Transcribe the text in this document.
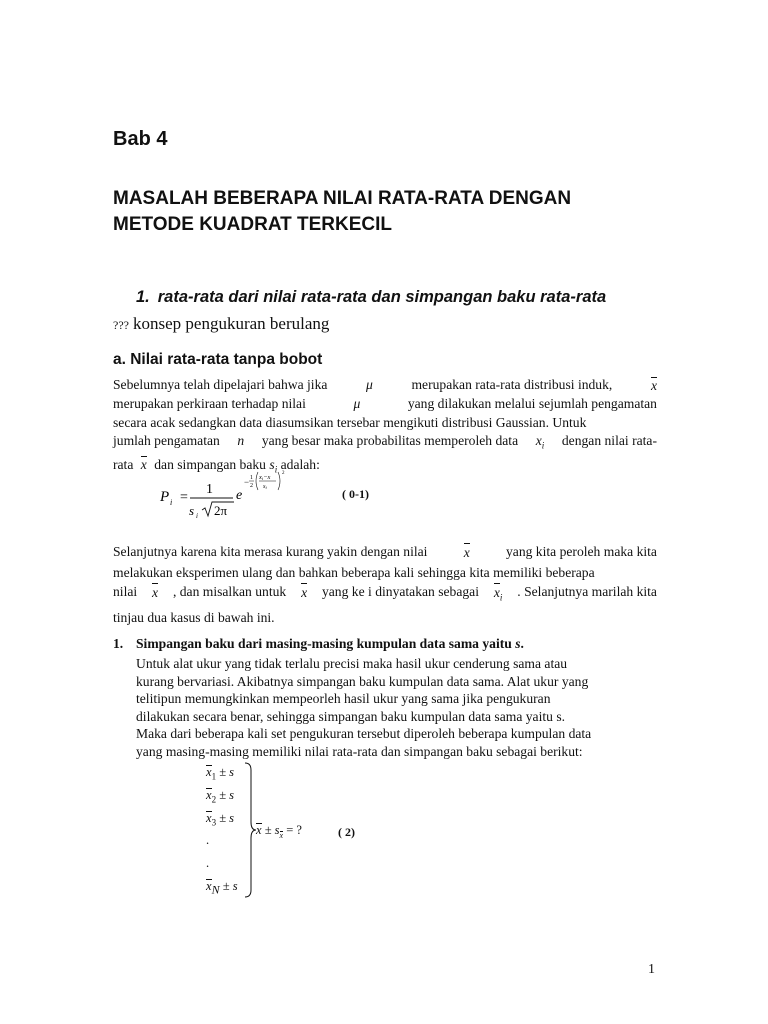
Bab 4
MASALAH BEBERAPA NILAI RATA-RATA DENGAN
METODE KUADRAT TERKECIL
1. rata-rata dari nilai rata-rata dan simpangan baku rata-rata
??? konsep pengukuran berulang
a. Nilai rata-rata tanpa bobot
Sebelumnya telah dipelajari bahwa jika	μ	merupakan rata-rata distribusi induk,	x
merupakan perkiraan terhadap nilai	μ	yang dilakukan melalui sejumlah pengamatan
secara acak sedangkan data diasumsikan tersebar mengikuti distribusi Gaussian. Untuk
jumlah pengamatan n yang besar maka probabilitas memperoleh data $x_i$ dengan nilai rata-
rata x dan simpangan baku $s_i$ adalah:
P i =
1
s i 2π
e
− 1
2
xi−x
si
2
( 0-1)
Selanjutnya karena kita merasa kurang yakin dengan nilai	x	yang kita peroleh maka kita
melakukan eksperimen ulang dan bahkan beberapa kali sehingga kita memiliki beberapa
nilai x , dan misalkan untuk x yang ke i dinyatakan sebagai $x_i$ . Selanjutnya marilah kita
tinjau dua kasus di bawah ini.
1. Simpangan baku dari masing-masing kumpulan data sama yaitu s.
Untuk alat ukur yang tidak terlalu precisi maka hasil ukur cenderung sama atau
kurang bervariasi. Akibatnya simpangan baku kumpulan data sama. Alat ukur yang
telitipun memungkinkan mempeorleh hasil ukur yang sama jika pengukuran
dilakukan secara benar, sehingga simpangan baku kumpulan data sama yaitu s.
Maka dari beberapa kali set pengukuran tersebut diperoleh beberapa kumpulan data
yang masing-masing memiliki nilai rata-rata dan simpangan baku sebagai berikut:
$x_1 \pm s$
$x_2 \pm s$
$x_3 \pm s$
.
.
$x_N \pm s$
$x \pm s_x$ = ?	( 2)
1
